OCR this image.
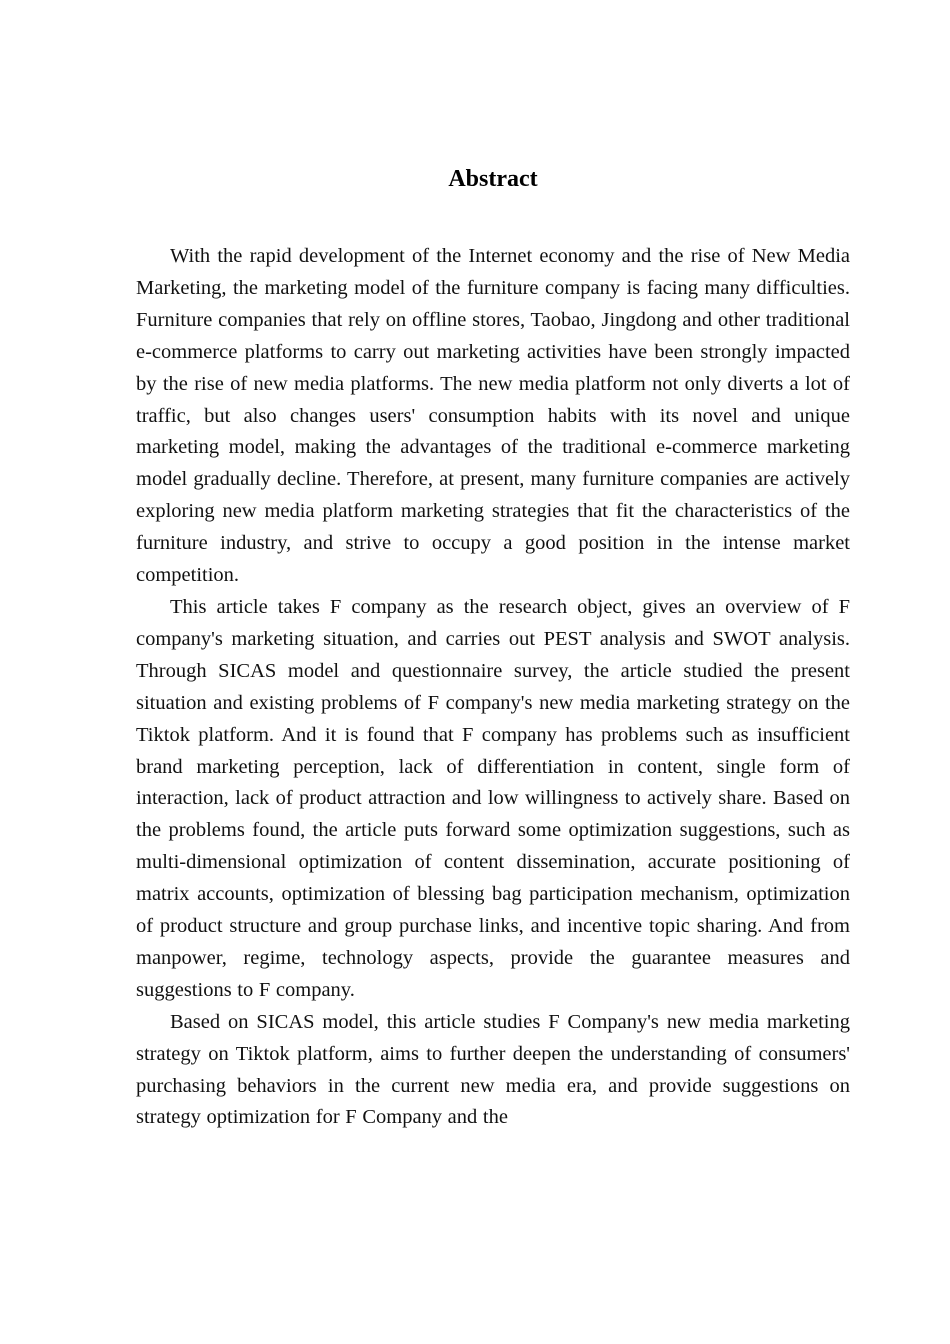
Abstract

With the rapid development of the Internet economy and the rise of New Media Marketing, the marketing model of the furniture company is facing many difficulties. Furniture companies that rely on offline stores, Taobao, Jingdong and other traditional e-commerce platforms to carry out marketing activities have been strongly impacted by the rise of new media platforms. The new media platform not only diverts a lot of traffic, but also changes users' consumption habits with its novel and unique marketing model, making the advantages of the traditional e-commerce marketing model gradually decline. Therefore, at present, many furniture companies are actively exploring new media platform marketing strategies that fit the characteristics of the furniture industry, and strive to occupy a good position in the intense market competition.

This article takes F company as the research object, gives an overview of F company's marketing situation, and carries out PEST analysis and SWOT analysis. Through SICAS model and questionnaire survey, the article studied the present situation and existing problems of F company's new media marketing strategy on the Tiktok platform. And it is found that F company has problems such as insufficient brand marketing perception, lack of differentiation in content, single form of interaction, lack of product attraction and low willingness to actively share. Based on the problems found, the article puts forward some optimization suggestions, such as multi-dimensional optimization of content dissemination, accurate positioning of matrix accounts, optimization of blessing bag participation mechanism, optimization of product structure and group purchase links, and incentive topic sharing. And from manpower, regime, technology aspects, provide the guarantee measures and suggestions to F company.

Based on SICAS model, this article studies F Company's new media marketing strategy on Tiktok platform, aims to further deepen the understanding of consumers' purchasing behaviors in the current new media era, and provide suggestions on strategy optimization for F Company and the
